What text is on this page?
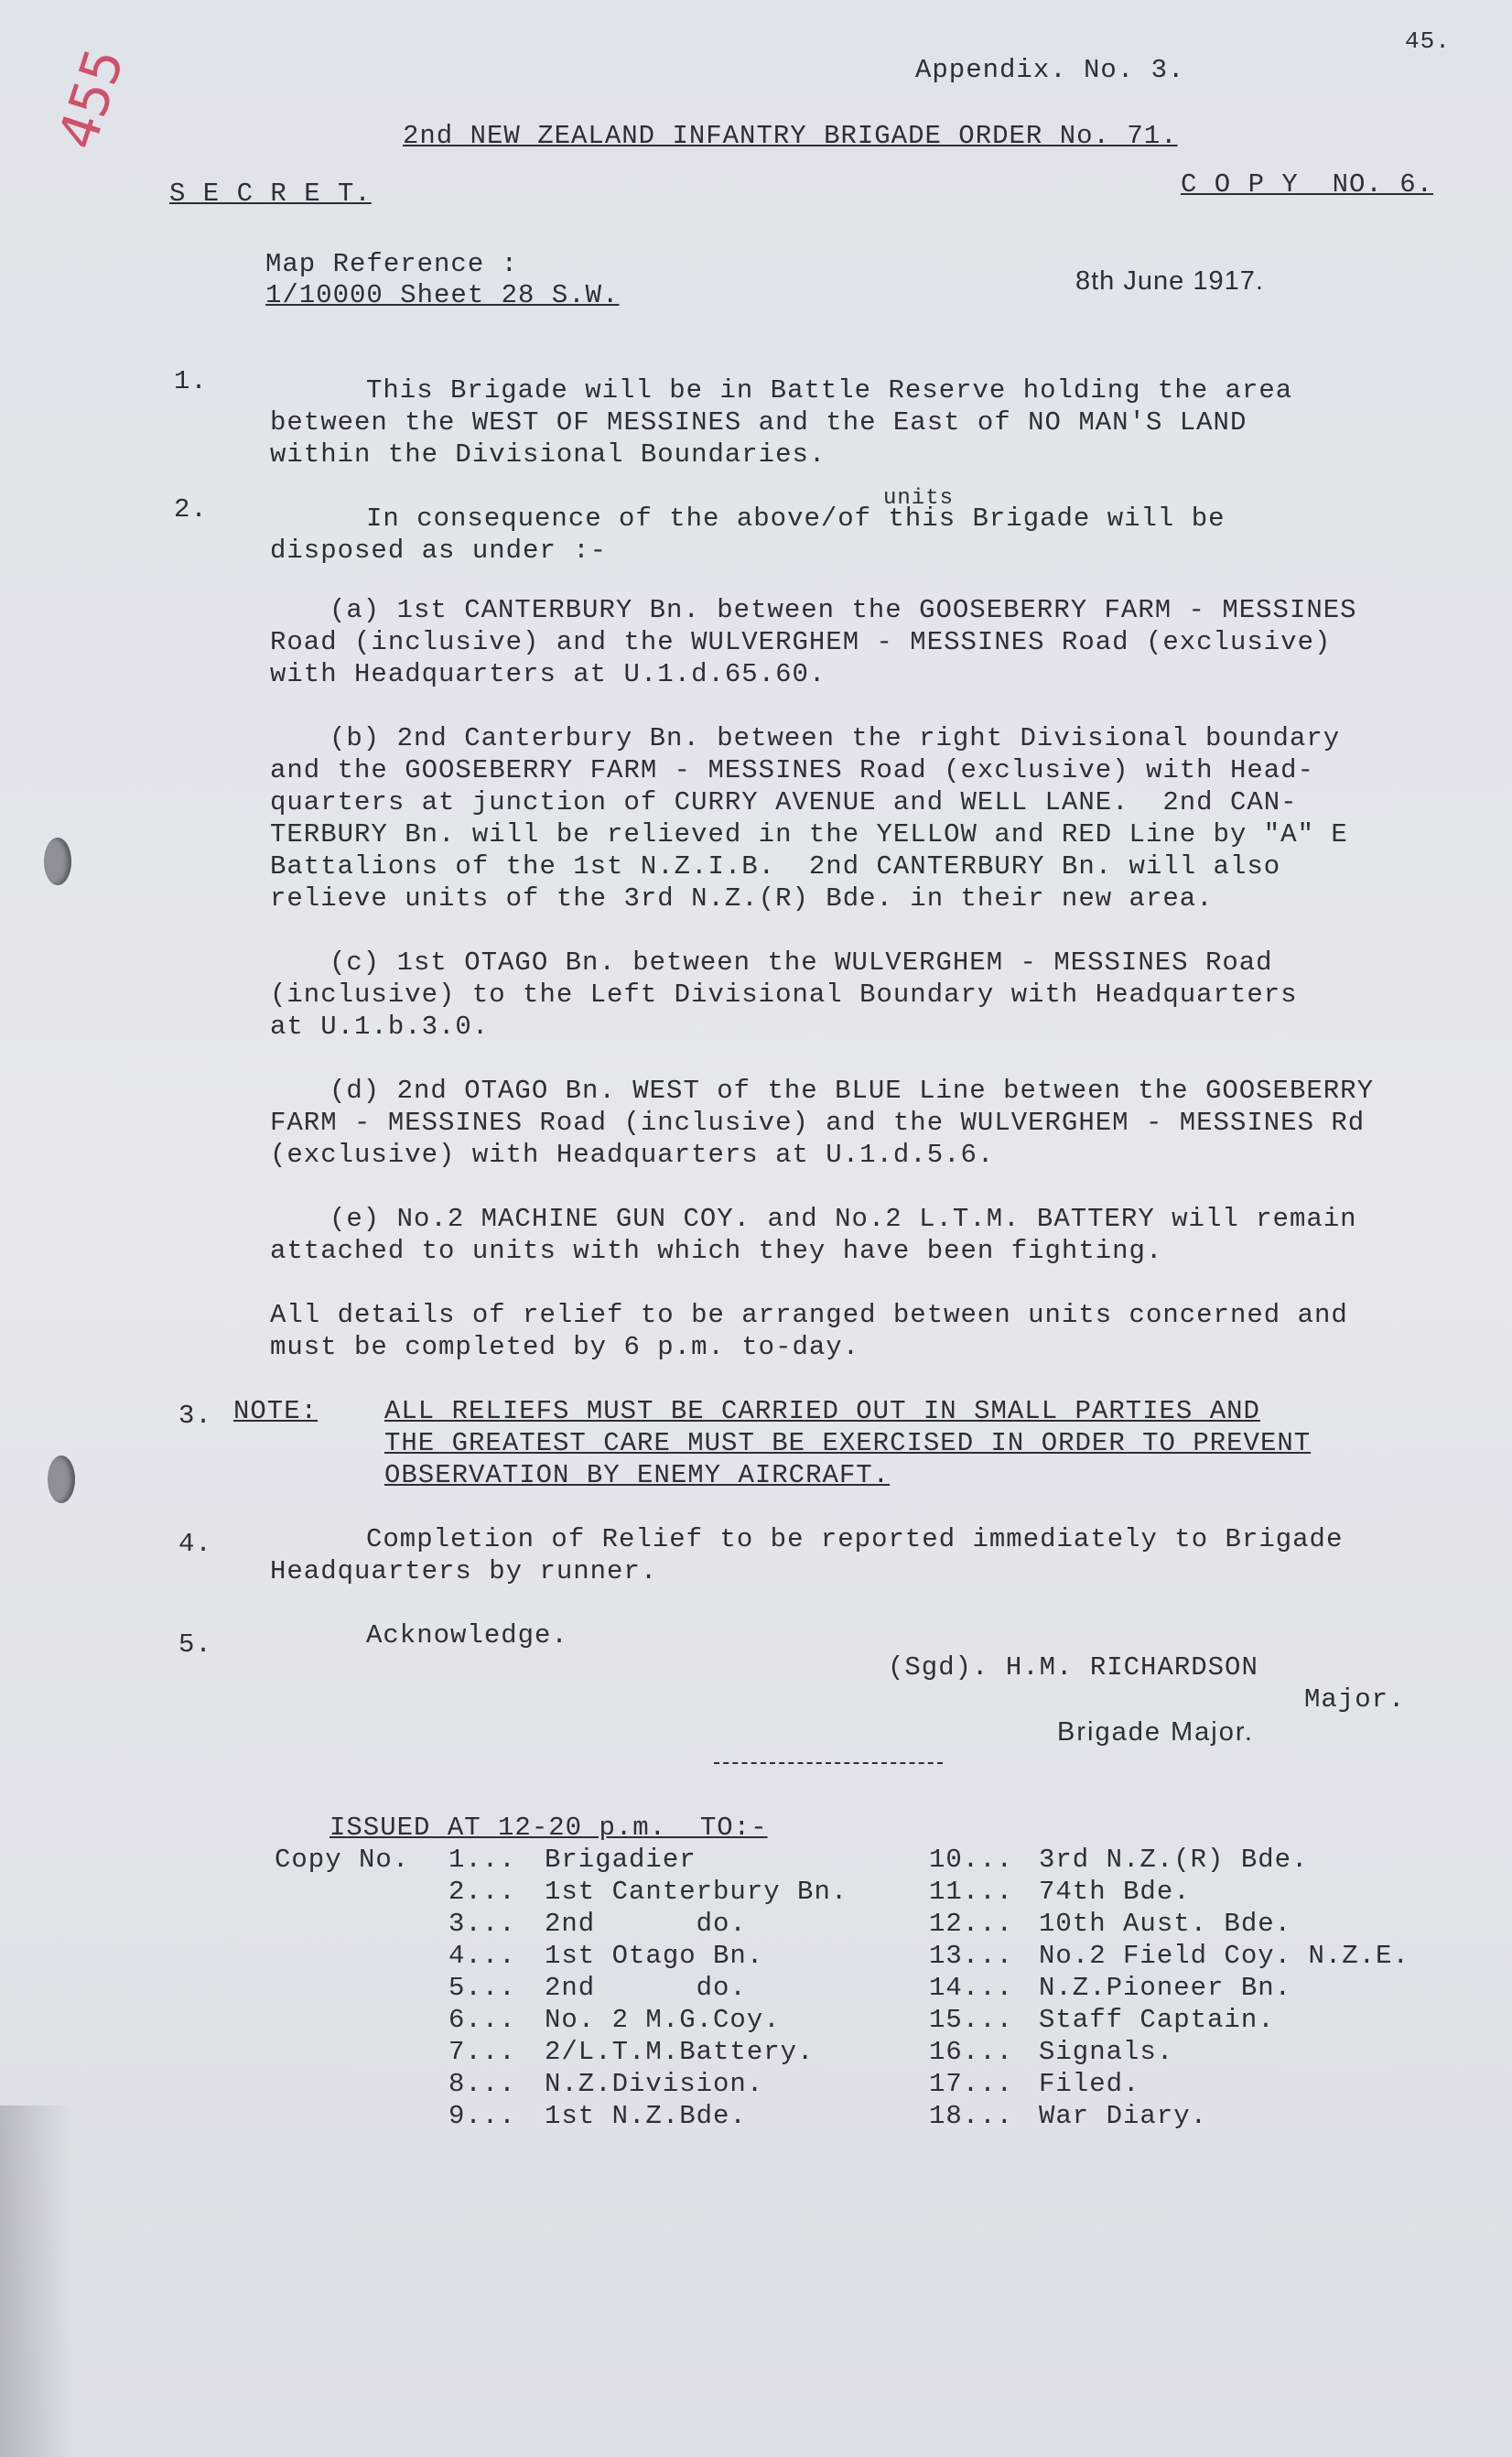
455	45.
Appendix. No. 3.
2nd NEW ZEALAND INFANTRY BRIGADE ORDER No. 71.
S E C R E T.	C O P Y  NO. 6.
Map Reference :
1/10000 Sheet 28 S.W.	8th June 1917.
1.	This Brigade will be in Battle Reserve holding the area
between the WEST OF MESSINES and the East of NO MAN'S LAND
within the Divisional Boundaries.
2.	units
In consequence of the above/of this Brigade will be
disposed as under :-
(a) 1st CANTERBURY Bn. between the GOOSEBERRY FARM - MESSINES
Road (inclusive) and the WULVERGHEM - MESSINES Road (exclusive)
with Headquarters at U.1.d.65.60.
(b) 2nd Canterbury Bn. between the right Divisional boundary
and the GOOSEBERRY FARM - MESSINES Road (exclusive) with Head-
quarters at junction of CURRY AVENUE and WELL LANE.  2nd CAN-
TERBURY Bn. will be relieved in the YELLOW and RED Line by "A" E
Battalions of the 1st N.Z.I.B.  2nd CANTERBURY Bn. will also
relieve units of the 3rd N.Z.(R) Bde. in their new area.
(c) 1st OTAGO Bn. between the WULVERGHEM - MESSINES Road
(inclusive) to the Left Divisional Boundary with Headquarters
at U.1.b.3.0.
(d) 2nd OTAGO Bn. WEST of the BLUE Line between the GOOSEBERRY
FARM - MESSINES Road (inclusive) and the WULVERGHEM - MESSINES Rd
(exclusive) with Headquarters at U.1.d.5.6.
(e) No.2 MACHINE GUN COY. and No.2 L.T.M. BATTERY will remain
attached to units with which they have been fighting.
All details of relief to be arranged between units concerned and
must be completed by 6 p.m. to-day.
3. NOTE:	ALL RELIEFS MUST BE CARRIED OUT IN SMALL PARTIES AND
THE GREATEST CARE MUST BE EXERCISED IN ORDER TO PREVENT
OBSERVATION BY ENEMY AIRCRAFT.
4.	Completion of Relief to be reported immediately to Brigade
Headquarters by runner.
5.	Acknowledge.
(Sgd). H.M. RICHARDSON
Major.
Brigade Major.
ISSUED AT 12-20 p.m.  TO:-
Copy No. 1... Brigadier
2... 1st Canterbury Bn.
3... 2nd      do.
4... 1st Otago Bn.
5... 2nd      do.
6... No. 2 M.G.Coy.
7... 2/L.T.M.Battery.
8... N.Z.Division.
9... 1st N.Z.Bde.
10... 3rd N.Z.(R) Bde.
11... 74th Bde.
12... 10th Aust. Bde.
13... No.2 Field Coy. N.Z.E.
14... N.Z.Pioneer Bn.
15... Staff Captain.
16... Signals.
17... Filed.
18... War Diary.
